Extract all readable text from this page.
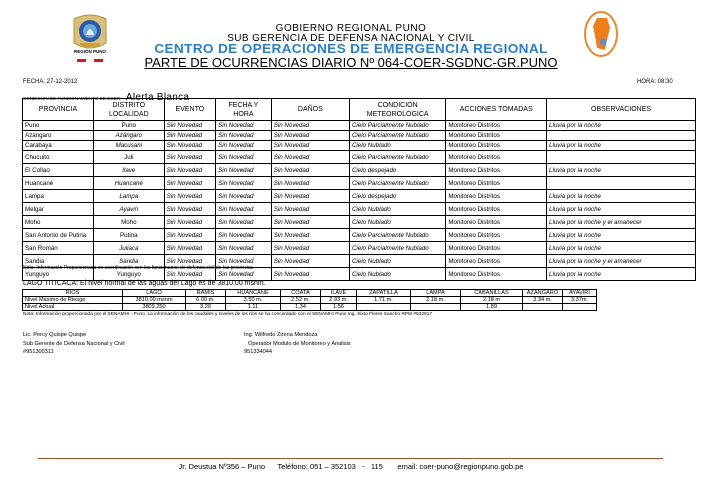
REGIÓN PUNO
GOBIERNO REGIONAL PUNO
SUB GERENCIA DE DEFENSA NACIONAL Y CIVIL
CENTRO DE OPERACIONES DE EMERGENCIA REGIONAL
PARTE DE OCURRENCIAS DIARIO Nº 064-COER-SGDNC-GR.PUNO
FECHA: 27-12-2012	HORA: 08:30
CONDICION DE FUNCIONAMIENTO DE COER: Alerta Blanca
PROVINCIA	DISTRITO LOCALIDAD	EVENTO	FECHA Y HORA	DAÑOS	CONDICION METEOROLOGICA	ACCIONES TOMADAS	OBSERVACIONES
Puno	Puno	Sin Novedad	Sin Novedad	Sin Novedad	Cielo Parcialmente Nublado	Monitoreo Distritos	Lluvia por la noche
Azangaro	Azángaro	Sin Novedad	Sin Novedad	Sin Novedad	Cielo Parcialmente Nublado	Monitoreo Distritos	
Carabaya	Macusani	Sin Novedad	Sin Novedad	Sin Novedad	Cielo Nublado	Monitoreo Distritos	Lluvia por la noche
Chucuito	Juli	Sin Novedad	Sin Novedad	Sin Novedad	Cielo Parcialmente Nublado	Monitoreo Distritos	
El Collao	Ilave	Sin Novedad	Sin Novedad	Sin Novedad	Cielo despejado	Monitoreo Distritos	Lluvia por la noche
Huancané	Huancané	Sin Novedad	Sin Novedad	Sin Novedad	Cielo Parcialmente Nublado	Monitoreo Distritos	
Lampa	Lampa	Sin Novedad	Sin Novedad	Sin Novedad	Cielo despejado	Monitoreo Distritos	Lluvia por la noche
Melgar	Ayaviri	Sin Novedad	Sin Novedad	Sin Novedad	Cielo Nublado	Monitoreo Distritos	Lluvia por la noche
Moho	Moho	Sin Novedad	Sin Novedad	Sin Novedad	Cielo Nublado	Monitoreo Distritos	Lluvia por la noche y el amanecer
San Antonio de Putina	Putina	Sin Novedad	Sin Novedad	Sin Novedad	Cielo Parcialmente Nublado	Monitoreo Distritos	Lluvia por la noche
San Román	Juliaca	Sin Novedad	Sin Novedad	Sin Novedad	Cielo Parcialmente Nublado	Monitoreo Distritos	Lluvia por la noche
Sandia	Sandia	Sin Novedad	Sin Novedad	Sin Novedad	Cielo Nublado	Monitoreo Distritos	Lluvia por la noche y el amanecer
Yunguyo	Yunguyo	Sin Novedad	Sin Novedad	Sin Novedad	Cielo Nublado	Monitoreo Distritos	Lluvia por la noche
Nota: Información Proporcionada en coordinación con los funcionarios de defensa civil de las provincias.
LAGO TITICACA: El nivel normal de las aguas del Lago es de 3810.00 msnm.
RIOS	LAGO	RAMIS	HUANCANE	COATA	ILAVE	ZAPATILLA	LAMPA	CABANILLAS	AZANGARO	AYAVIRI
Nivel Máximo de Riesgo	3810.00 msnm	6.00 m.	3.50 m.	2.52 m.	2.93 m.	1.71 m.	2.18 m.	2.18 m	3.34 m.	3.37m.
Nivel Actual	3809.250	3.20	1.11	1.34	1.56			1.89		
Nota: Información proporcionada por el SENAMHI - Puno. La información de los caudales y niveles de los ríos se ha concordado con el SENAMHI Puno Ing. Sixto Flores Sancho RPM #532917
Lic. Percy Quispe Quispe
Sub Gerente de Defensa Nacional y Civil
#951300311
Ing. Wilfredo Zirena Mendoza
Operador Modulo de Monitoreo y Analisis
951334044
Jr. Deustua Nº356 – Puno Teléfono: 051 – 352103   -   115 email: coer-puno@regionpuno.gob.pe
